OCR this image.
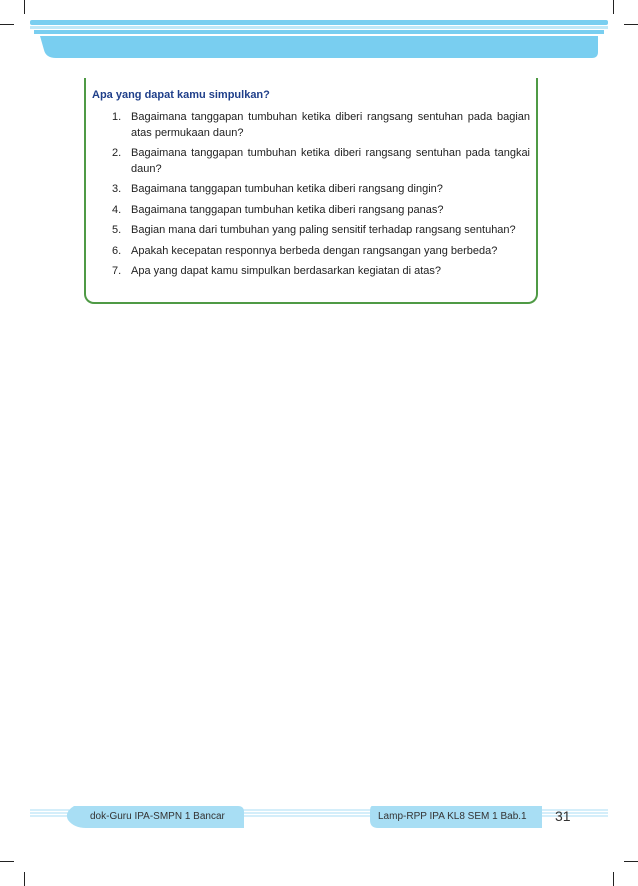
Apa yang dapat kamu simpulkan?
1. Bagaimana tanggapan tumbuhan ketika diberi rangsang sentuhan pada bagian atas permukaan daun?
2. Bagaimana tanggapan tumbuhan ketika diberi rangsang sentuhan pada tangkai daun?
3. Bagaimana tanggapan tumbuhan ketika diberi rangsang dingin?
4. Bagaimana tanggapan tumbuhan ketika diberi rangsang panas?
5. Bagian mana dari tumbuhan yang paling sensitif terhadap rangsang sentuhan?
6. Apakah kecepatan responnya berbeda dengan rangsangan yang berbeda?
7. Apa yang dapat kamu simpulkan berdasarkan kegiatan di atas?
dok-Guru IPA-SMPN 1 Bancar	Lamp-RPP IPA KL8 SEM 1 Bab.1 31
